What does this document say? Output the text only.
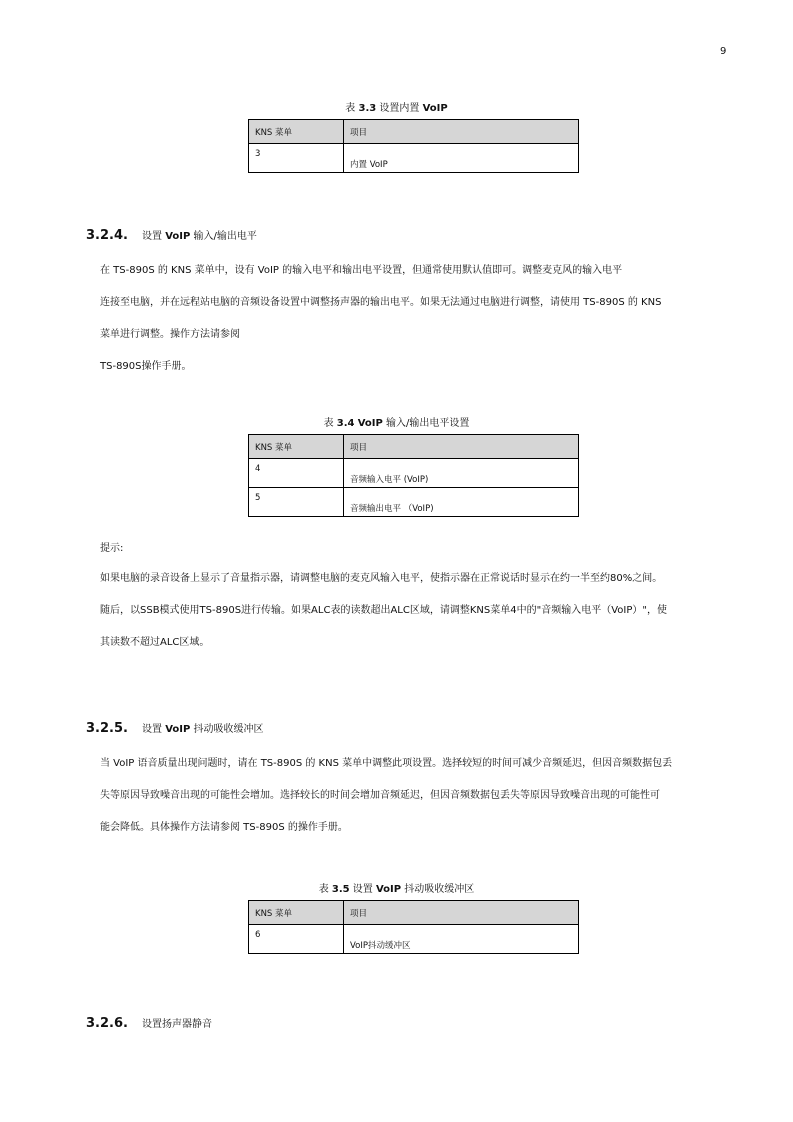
9
表 3.3 设置内置 VoIP
KNS 菜单	项目
3	内置 VoIP
3.2.4.	设置 VoIP 输入/输出电平
在 TS-890S 的 KNS 菜单中，设有 VoIP 的输入电平和输出电平设置，但通常使用默认值即可。调整麦克风的输入电平
连接至电脑，并在远程站电脑的音频设备设置中调整扬声器的输出电平。如果无法通过电脑进行调整，请使用 TS-890S 的 KNS
菜单进行调整。操作方法请参阅
TS-890S操作手册。
表 3.4 VoIP 输入/输出电平设置
KNS 菜单	项目
4	音频输入电平 (VoIP)
5	音频输出电平 （VoIP)
提示:
如果电脑的录音设备上显示了音量指示器，请调整电脑的麦克风输入电平，使指示器在正常说话时显示在约一半至约80%之间。
随后，以SSB模式使用TS-890S进行传输。如果ALC表的读数超出ALC区域，请调整KNS菜单4中的"音频输入电平（VoIP）"，使
其读数不超过ALC区域。
3.2.5.	设置 VoIP 抖动吸收缓冲区
当 VoIP 语音质量出现问题时，请在 TS-890S 的 KNS 菜单中调整此项设置。选择较短的时间可减少音频延迟，但因音频数据包丢
失等原因导致噪音出现的可能性会增加。选择较长的时间会增加音频延迟，但因音频数据包丢失等原因导致噪音出现的可能性可
能会降低。具体操作方法请参阅 TS-890S 的操作手册。
表 3.5 设置 VoIP 抖动吸收缓冲区
KNS 菜单	项目
6	VoIP抖动缓冲区
3.2.6.	设置扬声器静音
